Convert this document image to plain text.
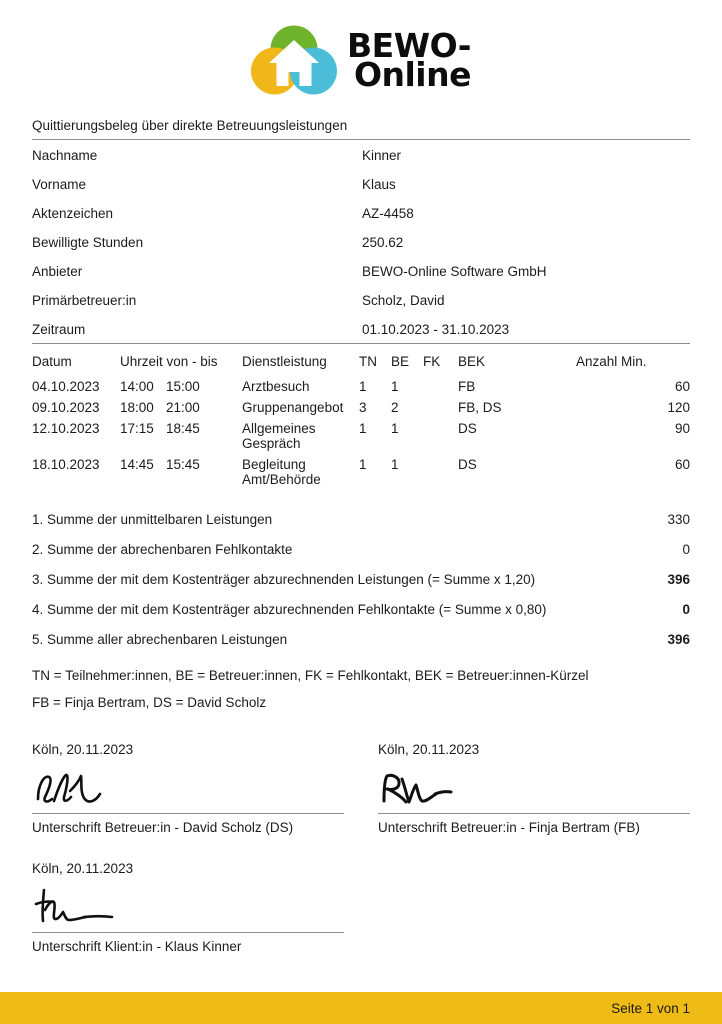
BEWO-
Online
Quittierungsbeleg über direkte Betreuungsleistungen
Nachname	Kinner
Vorname	Klaus
Aktenzeichen	AZ-4458
Bewilligte Stunden	250.62
Anbieter	BEWO-Online Software GmbH
Primärbetreuer:in	Scholz, David
Zeitraum	01.10.2023 - 31.10.2023
Datum	Uhrzeit von - bis		Dienstleistung	TN	BE	FK	BEK	Anzahl Min.
04.10.2023	14:00	15:00	Arztbesuch	1	1		FB	60
09.10.2023	18:00	21:00	Gruppenangebot	3	2		FB, DS	120
12.10.2023	17:15	18:45	Allgemeines Gespräch	1	1		DS	90
18.10.2023	14:45	15:45	Begleitung Amt/Behörde	1	1		DS	60
1. Summe der unmittelbaren Leistungen	330
2. Summe der abrechenbaren Fehlkontakte	0
3. Summe der mit dem Kostenträger abzurechnenden Leistungen (= Summe x 1,20)	396
4. Summe der mit dem Kostenträger abzurechnenden Fehlkontakte (= Summe x 0,80)	0
5. Summe aller abrechenbaren Leistungen	396
TN = Teilnehmer:innen, BE = Betreuer:innen, FK = Fehlkontakt, BEK = Betreuer:innen-Kürzel
FB = Finja Bertram, DS = David Scholz
Köln, 20.11.2023
Unterschrift Betreuer:in - David Scholz (DS)
Köln, 20.11.2023
Unterschrift Betreuer:in - Finja Bertram (FB)
Köln, 20.11.2023
Unterschrift Klient:in - Klaus Kinner
Seite 1 von 1
